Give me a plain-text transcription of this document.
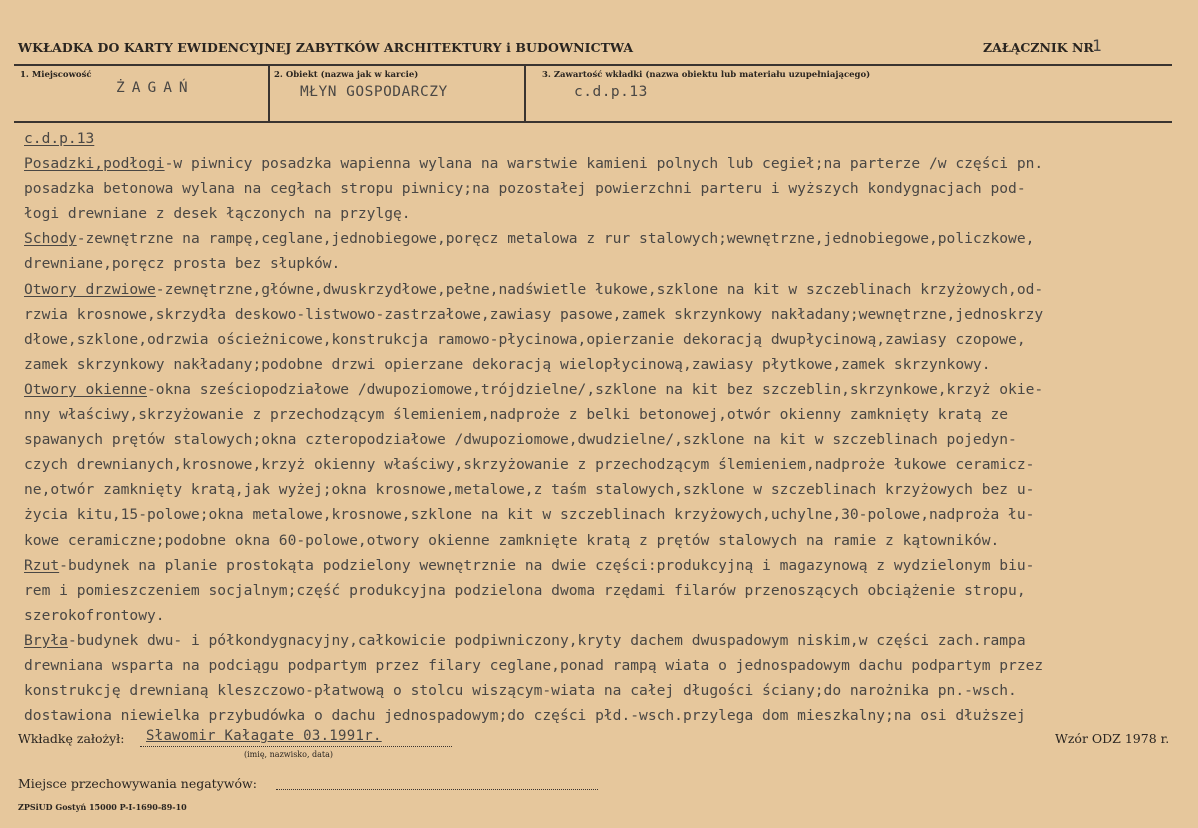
WKŁADKA DO KARTY EWIDENCYJNEJ ZABYTKÓW ARCHITEKTURY i BUDOWNICTWA	ZAŁĄCZNIK NR
1
1. Miejscowość
ŻAGAŃ
2. Obiekt (nazwa jak w karcie)
MŁYN GOSPODARCZY
3. Zawartość wkładki (nazwa obiektu lub materiału uzupełniającego)
c.d.p.13
c.d.p.13
Posadzki,podłogi-w piwnicy posadzka wapienna wylana na warstwie kamieni polnych lub cegieł;na parterze /w części pn.
posadzka betonowa wylana na cegłach stropu piwnicy;na pozostałej powierzchni parteru i wyższych kondygnacjach pod-
łogi drewniane z desek łączonych na przylgę.
Schody-zewnętrzne na rampę,ceglane,jednobiegowe,poręcz metalowa z rur stalowych;wewnętrzne,jednobiegowe,policzkowe,
drewniane,poręcz prosta bez słupków.
Otwory drzwiowe-zewnętrzne,główne,dwuskrzydłowe,pełne,nadświetle łukowe,szklone na kit w szczeblinach krzyżowych,od-
rzwia krosnowe,skrzydła deskowo-listwowo-zastrzałowe,zawiasy pasowe,zamek skrzynkowy nakładany;wewnętrzne,jednoskrzy
dłowe,szklone,odrzwia ościeżnicowe,konstrukcja ramowo-płycinowa,opierzanie dekoracją dwupłycinową,zawiasy czopowe,
zamek skrzynkowy nakładany;podobne drzwi opierzane dekoracją wielopłycinową,zawiasy płytkowe,zamek skrzynkowy.
Otwory okienne-okna sześciopodziałowe /dwupoziomowe,trójdzielne/,szklone na kit bez szczeblin,skrzynkowe,krzyż okie-
nny właściwy,skrzyżowanie z przechodzącym ślemieniem,nadproże z belki betonowej,otwór okienny zamknięty kratą ze
spawanych prętów stalowych;okna czteropodziałowe /dwupoziomowe,dwudzielne/,szklone na kit w szczeblinach pojedyn-
czych drewnianych,krosnowe,krzyż okienny właściwy,skrzyżowanie z przechodzącym ślemieniem,nadproże łukowe ceramicz-
ne,otwór zamknięty kratą,jak wyżej;okna krosnowe,metalowe,z taśm stalowych,szklone w szczeblinach krzyżowych bez u-
życia kitu,15-polowe;okna metalowe,krosnowe,szklone na kit w szczeblinach krzyżowych,uchylne,30-polowe,nadproża łu-
kowe ceramiczne;podobne okna 60-polowe,otwory okienne zamknięte kratą z prętów stalowych na ramie z kątowników.
Rzut-budynek na planie prostokąta podzielony wewnętrznie na dwie części:produkcyjną i magazynową z wydzielonym biu-
rem i pomieszczeniem socjalnym;część produkcyjna podzielona dwoma rzędami filarów przenoszących obciążenie stropu,
szerokofrontowy.
Bryła-budynek dwu- i półkondygnacyjny,całkowicie podpiwniczony,kryty dachem dwuspadowym niskim,w części zach.rampa
drewniana wsparta na podciągu podpartym przez filary ceglane,ponad rampą wiata o jednospadowym dachu podpartym przez
konstrukcję drewnianą kleszczowo-płatwową o stolcu wiszącym-wiata na całej długości ściany;do narożnika pn.-wsch.
dostawiona niewielka przybudówka o dachu jednospadowym;do części płd.-wsch.przylega dom mieszkalny;na osi dłuższej
Wkładkę założył: Sławomir Kałagate 03.1991r.
(imię, nazwisko, data)
Wzór ODZ 1978 r.
Miejsce przechowywania negatywów:
ZPSiUD Gostyń 15000 P-I-1690-89-10
